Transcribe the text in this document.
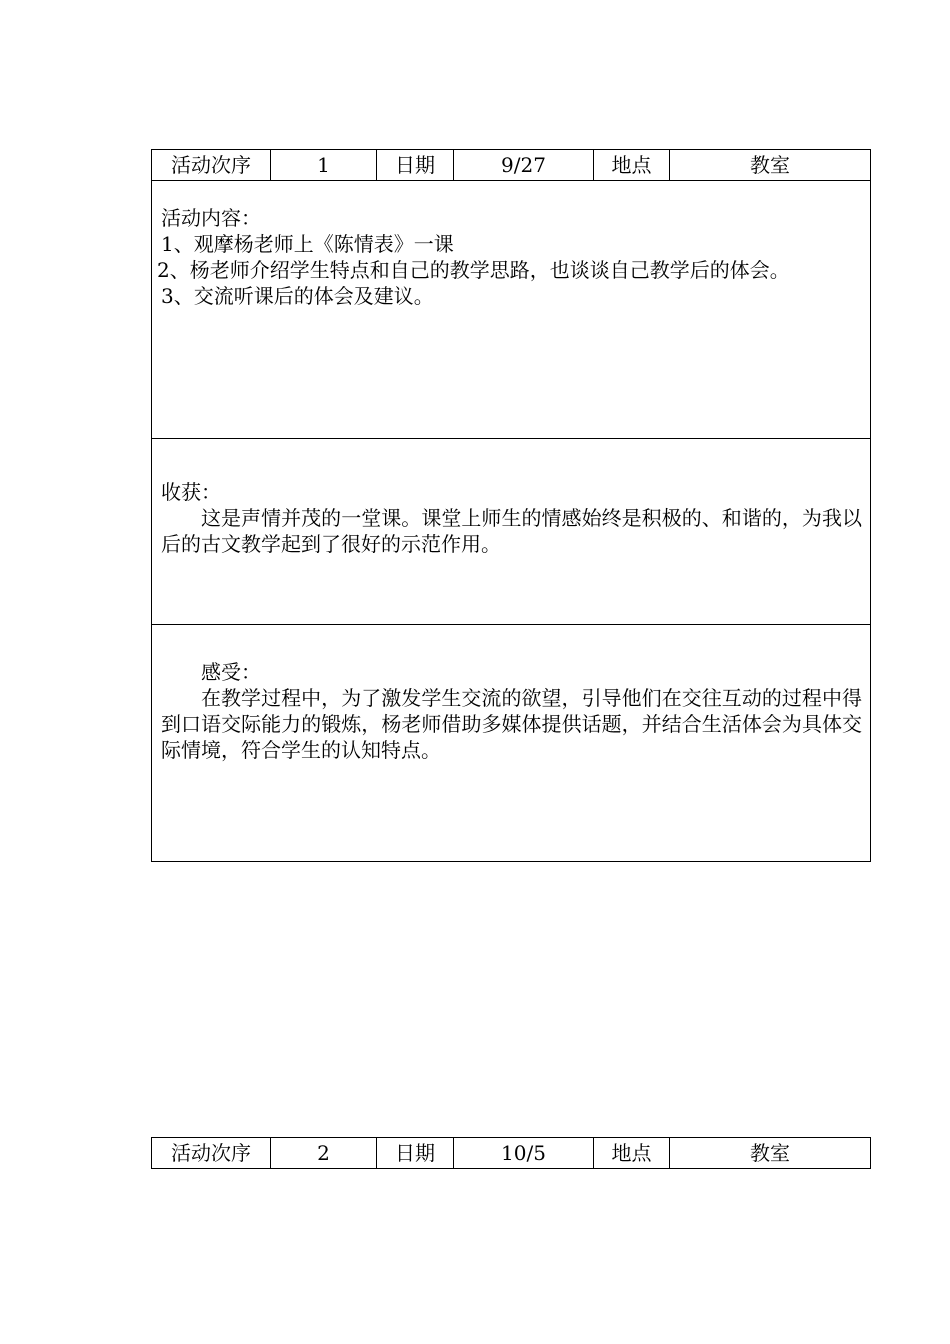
活动次序	1	日期	9/27	地点	教室

活动内容：
1、观摩杨老师上《陈情表》一课
2、杨老师介绍学生特点和自己的教学思路，也谈谈自己教学后的体会。
3、交流听课后的体会及建议。

收获：
这是声情并茂的一堂课。课堂上师生的情感始终是积极的、和谐的，为我以后的古文教学起到了很好的示范作用。

感受：
在教学过程中，为了激发学生交流的欲望，引导他们在交往互动的过程中得到口语交际能力的锻炼，杨老师借助多媒体提供话题，并结合生活体会为具体交际情境，符合学生的认知特点。
活动次序	2	日期	10/5	地点	教室
